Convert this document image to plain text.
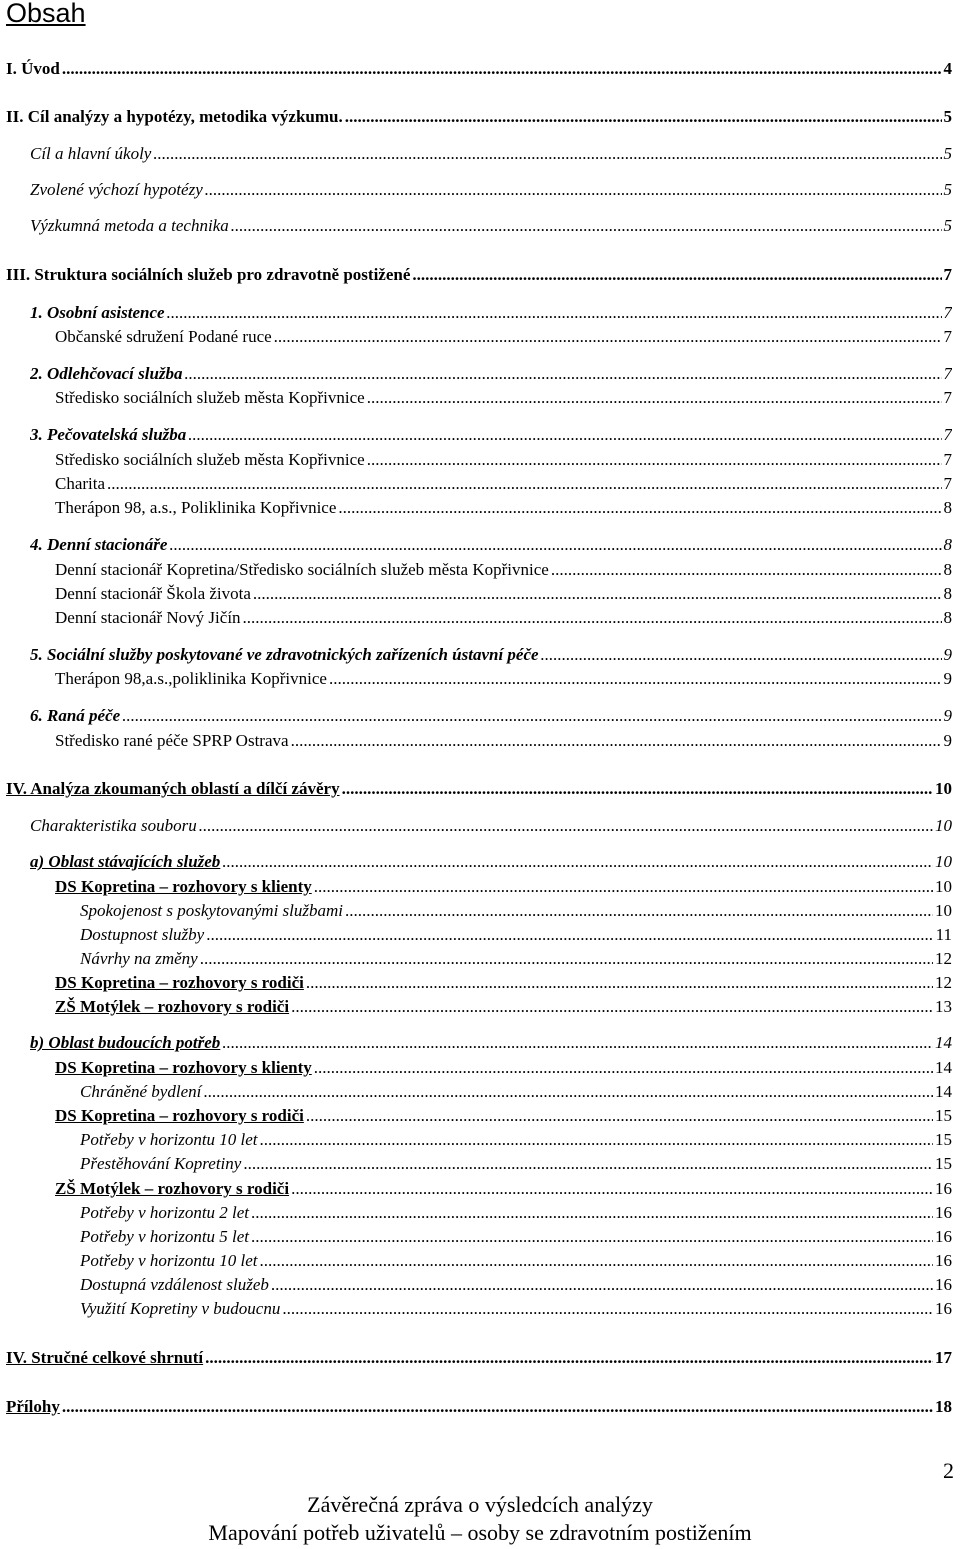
Obsah
I. Úvod .....	4
II. Cíl analýzy a hypotézy, metodika výzkumu. .....	5
Cíl a hlavní úkoly .....	5
Zvolené výchozí hypotézy .....	5
Výzkumná metoda a technika .....	5
III. Struktura sociálních služeb pro zdravotně postižené .....	7
1. Osobní asistence .....	7
Občanské sdružení Podané ruce .....	7
2. Odlehčovací služba .....	7
Středisko sociálních služeb města Kopřivnice .....	7
3. Pečovatelská služba .....	7
Středisko sociálních služeb města Kopřivnice .....	7
Charita .....	7
Therápon 98, a.s., Poliklinika Kopřivnice .....	8
4. Denní stacionáře .....	8
Denní stacionář Kopretina/Středisko sociálních služeb města Kopřivnice .....	8
Denní stacionář Škola života .....	8
Denní stacionář Nový Jičín .....	8
5. Sociální služby poskytované ve zdravotnických zařízeních ústavní péče .....	9
Therápon 98,a.s.,poliklinika Kopřivnice .....	9
6. Raná péče .....	9
Středisko rané péče SPRP Ostrava .....	9
IV. Analýza zkoumaných oblastí a dílčí závěry .....	10
Charakteristika souboru .....	10
a) Oblast stávajících služeb .....	10
DS Kopretina – rozhovory s klienty .....	10
Spokojenost s poskytovanými službami .....	10
Dostupnost služby .....	11
Návrhy na změny .....	12
DS Kopretina – rozhovory s rodiči .....	12
ZŠ Motýlek – rozhovory s rodiči .....	13
b) Oblast budoucích potřeb .....	14
DS Kopretina – rozhovory s klienty .....	14
Chráněné bydlení .....	14
DS Kopretina – rozhovory s rodiči .....	15
Potřeby v horizontu 10 let .....	15
Přestěhování Kopretiny .....	15
ZŠ Motýlek – rozhovory s rodiči .....	16
Potřeby v horizontu 2 let .....	16
Potřeby v horizontu 5 let .....	16
Potřeby v horizontu 10 let .....	16
Dostupná vzdálenost služeb .....	16
Využití Kopretiny v budoucnu .....	16
IV. Stručné celkové shrnutí .....	17
Přílohy .....	18
2
Závěrečná zpráva o výsledcích analýzy
Mapování potřeb uživatelů – osoby se zdravotním postižením
